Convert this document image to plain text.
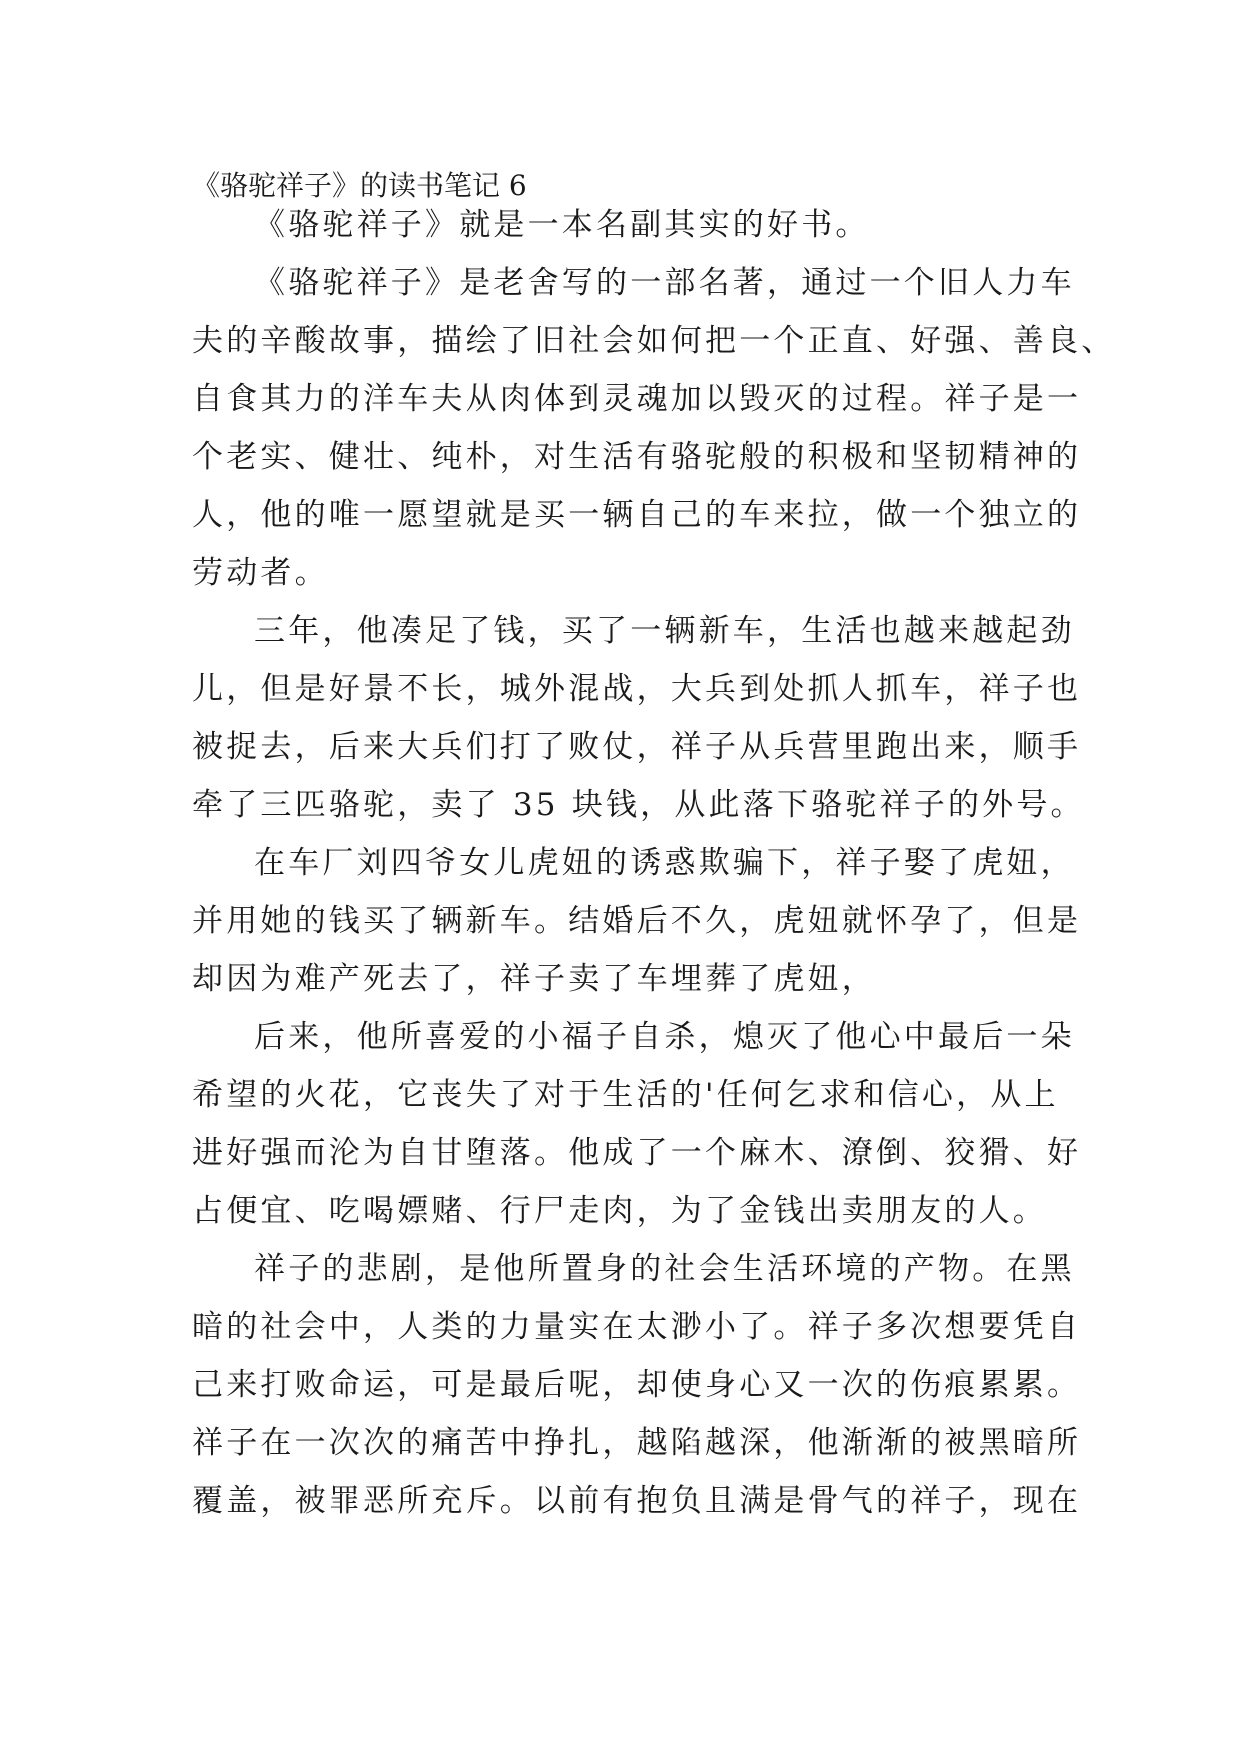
《骆驼祥子》的读书笔记 6

《骆驼祥子》就是一本名副其实的好书。

《骆驼祥子》是老舍写的一部名著，通过一个旧人力车

夫的辛酸故事，描绘了旧社会如何把一个正直、好强、善良、

自食其力的洋车夫从肉体到灵魂加以毁灭的过程。祥子是一

个老实、健壮、纯朴，对生活有骆驼般的积极和坚韧精神的

人，他的唯一愿望就是买一辆自己的车来拉，做一个独立的

劳动者。

三年，他凑足了钱，买了一辆新车，生活也越来越起劲

儿，但是好景不长，城外混战，大兵到处抓人抓车，祥子也

被捉去，后来大兵们打了败仗，祥子从兵营里跑出来，顺手

牵了三匹骆驼，卖了 35 块钱，从此落下骆驼祥子的外号。

在车厂刘四爷女儿虎妞的诱惑欺骗下，祥子娶了虎妞，

并用她的钱买了辆新车。结婚后不久，虎妞就怀孕了，但是

却因为难产死去了，祥子卖了车埋葬了虎妞，

后来，他所喜爱的小福子自杀，熄灭了他心中最后一朵

希望的火花，它丧失了对于生活的'任何乞求和信心，从上

进好强而沦为自甘堕落。他成了一个麻木、潦倒、狡猾、好

占便宜、吃喝嫖赌、行尸走肉，为了金钱出卖朋友的人。

祥子的悲剧，是他所置身的社会生活环境的产物。在黑

暗的社会中，人类的力量实在太渺小了。祥子多次想要凭自

己来打败命运，可是最后呢，却使身心又一次的伤痕累累。

祥子在一次次的痛苦中挣扎，越陷越深，他渐渐的被黑暗所

覆盖，被罪恶所充斥。以前有抱负且满是骨气的祥子，现在
